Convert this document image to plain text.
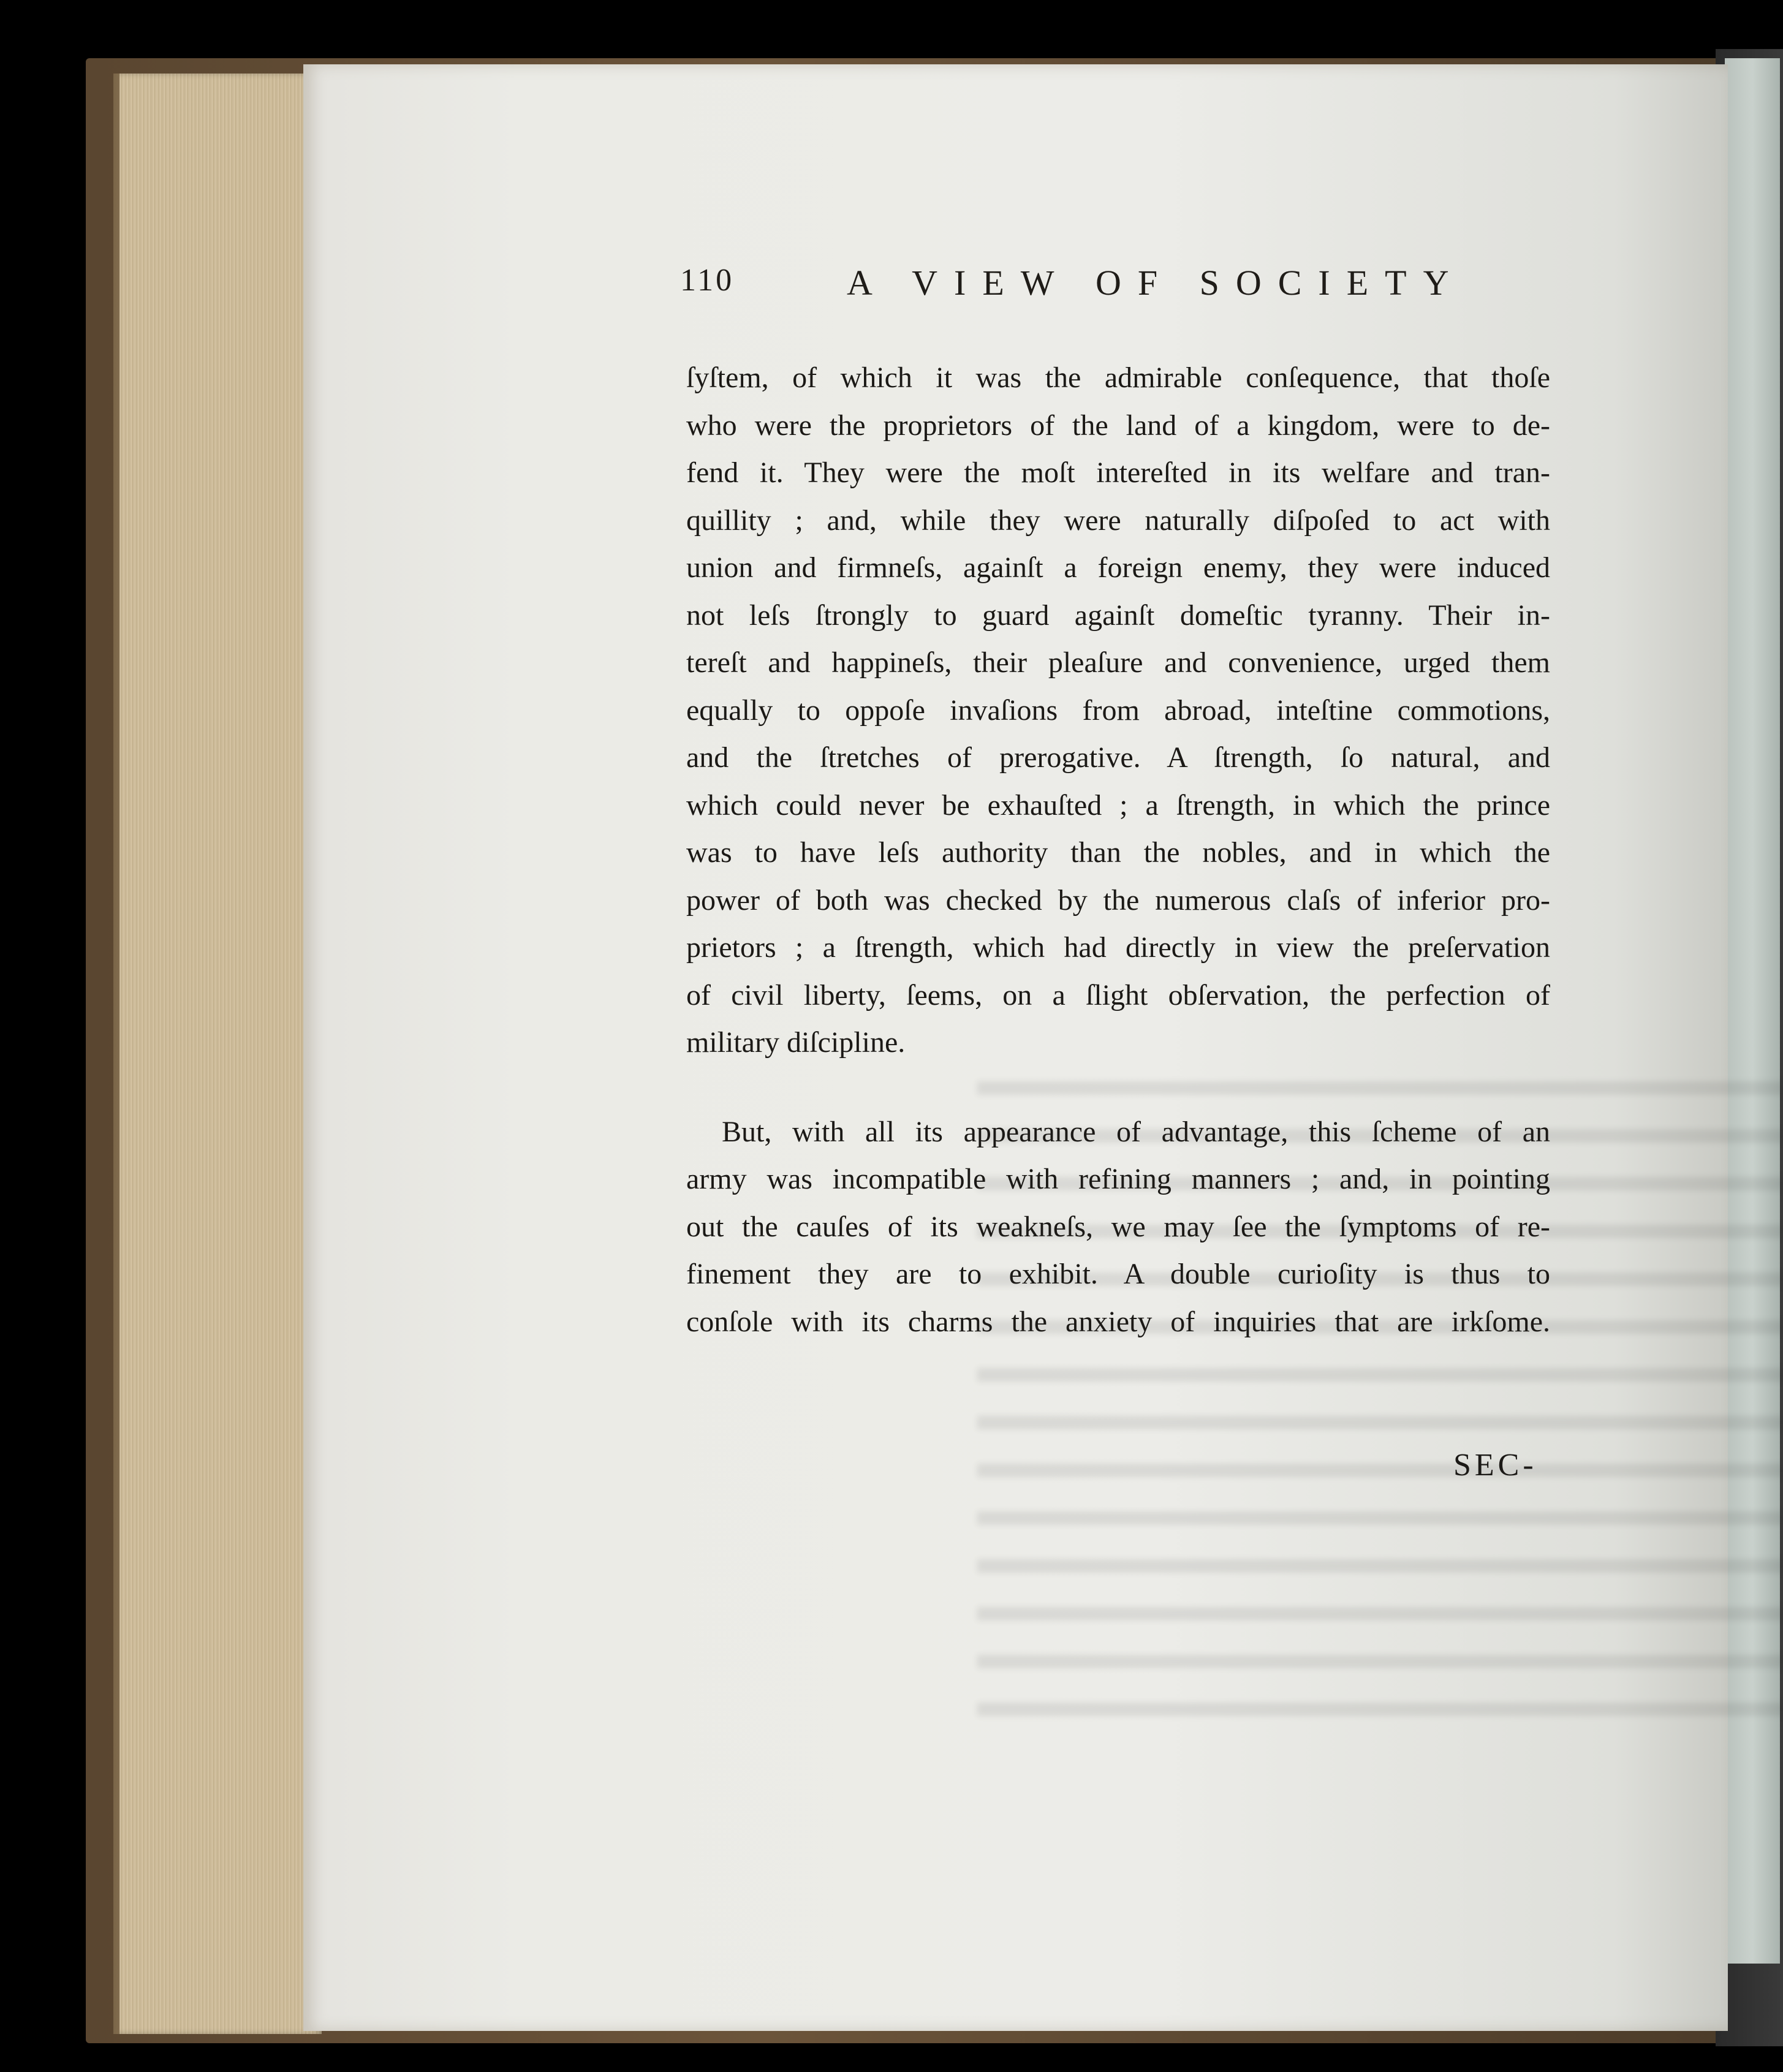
110	A VIEW OF SOCIETY
ſyſtem, of which it was the admirable conſequence, that thoſe
who were the proprietors of the land of a kingdom, were to de-
fend it. They were the moſt intereſted in its welfare and tran-
quillity ; and, while they were naturally diſpoſed to act with
union and firmneſs, againſt a foreign enemy, they were induced
not leſs ſtrongly to guard againſt domeſtic tyranny. Their in-
tereſt and happineſs, their pleaſure and convenience, urged them
equally to oppoſe invaſions from abroad, inteſtine commotions,
and the ſtretches of prerogative. A ſtrength, ſo natural, and
which could never be exhauſted ; a ſtrength, in which the prince
was to have leſs authority than the nobles, and in which the
power of both was checked by the numerous claſs of inferior pro-
prietors ; a ſtrength, which had directly in view the preſervation
of civil liberty, ſeems, on a ſlight obſervation, the perfection of
military diſcipline.
But, with all its appearance of advantage, this ſcheme of an
army was incompatible with refining manners ; and, in pointing
out the cauſes of its weakneſs, we may ſee the ſymptoms of re-
finement they are to exhibit. A double curioſity is thus to
conſole with its charms the anxiety of inquiries that are irkſome.
SEC-
